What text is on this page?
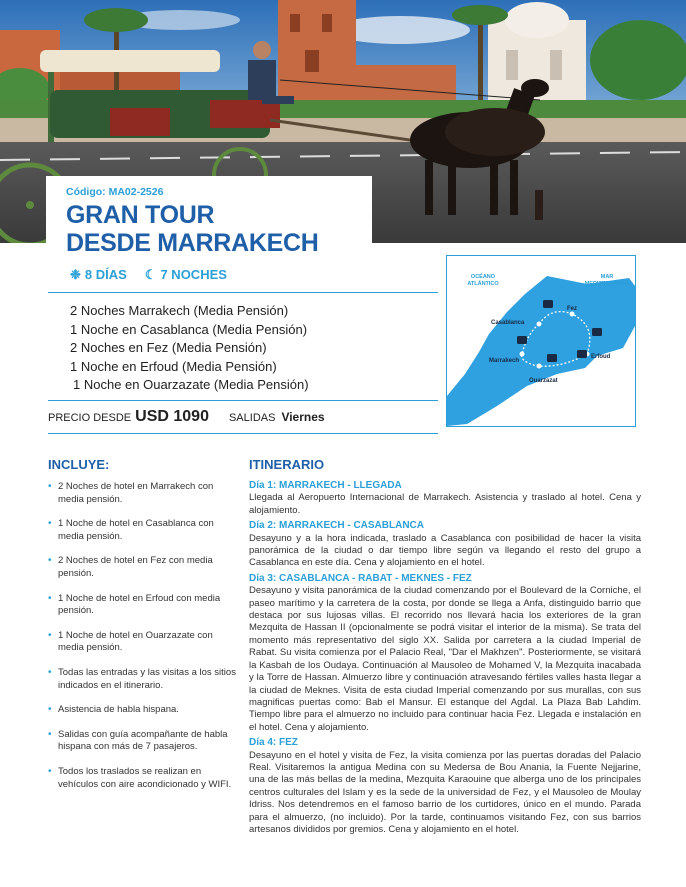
Código: MA02-2526
GRAN TOUR
DESDE MARRAKECH
❉ 8 DÍAS ☾ 7 NOCHES
2 Noches Marrakech (Media Pensión)
1 Noche en Casablanca (Media Pensión)
2 Noches en Fez (Media Pensión)
1 Noche en Erfoud (Media Pensión)
1 Noche en Ouarzazate (Media Pensión)
PRECIO DESDE USD 1090 SALIDAS Viernes
OCÉANO
ATLÁNTICO
MAR
MEDITERRÁNEO
Casablanca
Fez
Marrakech
Erfoud
Ouarzazat
INCLUYE:
• 2 Noches de hotel en Marrakech con media pensión.
• 1 Noche de hotel en Casablanca con media pensión.
• 2 Noches de hotel en Fez con media pensión.
• 1 Noche de hotel en Erfoud con media pensión.
• 1 Noche de hotel en Ouarzazate con media pensión.
• Todas las entradas y las visitas a los sitios indicados en el itinerario.
• Asistencia de habla hispana.
• Salidas con guía acompañante de habla hispana con más de 7 pasajeros.
• Todos los traslados se realizan en vehículos con aire acondicionado y WIFI.
ITINERARIO
Día 1: MARRAKECH - LLEGADA
Llegada al Aeropuerto Internacional de Marrakech. Asistencia y traslado al hotel. Cena y alojamiento.
Día 2: MARRAKECH - CASABLANCA
Desayuno y a la hora indicada, traslado a Casablanca con posibilidad de hacer la visita panorámica de la ciudad o dar tiempo libre según va llegando el resto del grupo a Casablanca en este día. Cena y alojamiento en el hotel.
Día 3: CASABLANCA - RABAT - MEKNES - FEZ
Desayuno y visita panorámica de la ciudad comenzando por el Boulevard de la Corniche, el paseo marítimo y la carretera de la costa, por donde se llega a Anfa, distinguido barrio que destaca por sus lujosas villas. El recorrido nos llevará hacia los exteriores de la gran Mezquita de Hassan II (opcionalmente se podrá visitar el interior de la misma). Se trata del momento más representativo del siglo XX. Salida por carretera a la ciudad Imperial de Rabat. Su visita comienza por el Palacio Real, "Dar el Makhzen". Posteriormente, se visitará la Kasbah de los Oudaya. Continuación al Mausoleo de Mohamed V, la Mezquita inacabada y la Torre de Hassan. Almuerzo libre y continuación atravesando fértiles valles hasta llegar a la ciudad de Meknes. Visita de esta ciudad Imperial comenzando por sus murallas, con sus magnificas puertas como: Bab el Mansur. El estanque del Agdal. La Plaza Bab Lahdim. Tiempo libre para el almuerzo no incluido para continuar hacia Fez. Llegada e instalación en el hotel. Cena y alojamiento.
Día 4: FEZ
Desayuno en el hotel y visita de Fez, la visita comienza por las puertas doradas del Palacio Real. Visitaremos la antigua Medina con su Medersa de Bou Anania, la Fuente Nejjarine, una de las más bellas de la medina, Mezquita Karaouine que alberga uno de los principales centros culturales del Islam y es la sede de la universidad de Fez, y el Mausoleo de Moulay Idriss. Nos detendremos en el famoso barrio de los curtidores, único en el mundo. Parada para el almuerzo, (no incluido). Por la tarde, continuamos visitando Fez, con sus barrios artesanos divididos por gremios. Cena y alojamiento en el hotel.
